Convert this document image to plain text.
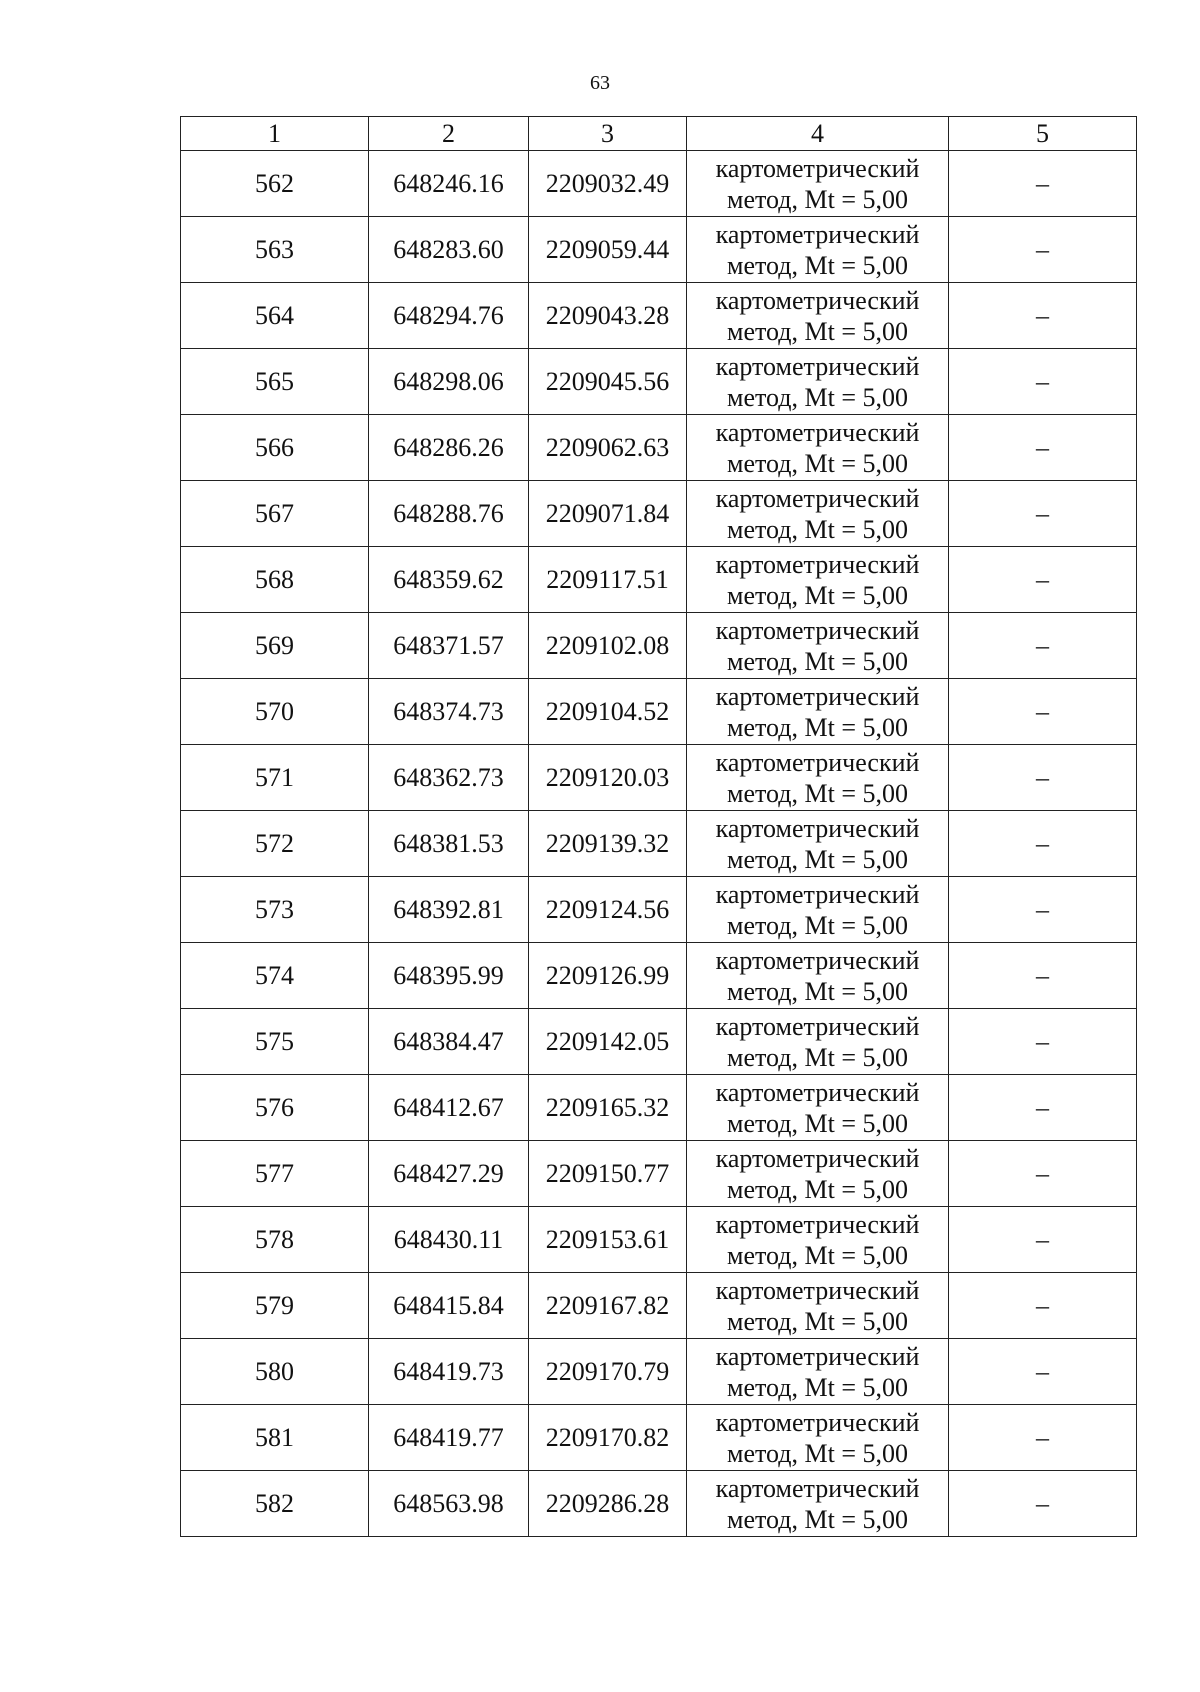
63
1	2	3	4	5
562	648246.16	2209032.49	картометрический метод, Mt = 5,00	–
563	648283.60	2209059.44	картометрический метод, Mt = 5,00	–
564	648294.76	2209043.28	картометрический метод, Mt = 5,00	–
565	648298.06	2209045.56	картометрический метод, Mt = 5,00	–
566	648286.26	2209062.63	картометрический метод, Mt = 5,00	–
567	648288.76	2209071.84	картометрический метод, Mt = 5,00	–
568	648359.62	2209117.51	картометрический метод, Mt = 5,00	–
569	648371.57	2209102.08	картометрический метод, Mt = 5,00	–
570	648374.73	2209104.52	картометрический метод, Mt = 5,00	–
571	648362.73	2209120.03	картометрический метод, Mt = 5,00	–
572	648381.53	2209139.32	картометрический метод, Mt = 5,00	–
573	648392.81	2209124.56	картометрический метод, Mt = 5,00	–
574	648395.99	2209126.99	картометрический метод, Mt = 5,00	–
575	648384.47	2209142.05	картометрический метод, Mt = 5,00	–
576	648412.67	2209165.32	картометрический метод, Mt = 5,00	–
577	648427.29	2209150.77	картометрический метод, Mt = 5,00	–
578	648430.11	2209153.61	картометрический метод, Mt = 5,00	–
579	648415.84	2209167.82	картометрический метод, Mt = 5,00	–
580	648419.73	2209170.79	картометрический метод, Mt = 5,00	–
581	648419.77	2209170.82	картометрический метод, Mt = 5,00	–
582	648563.98	2209286.28	картометрический метод, Mt = 5,00	–
